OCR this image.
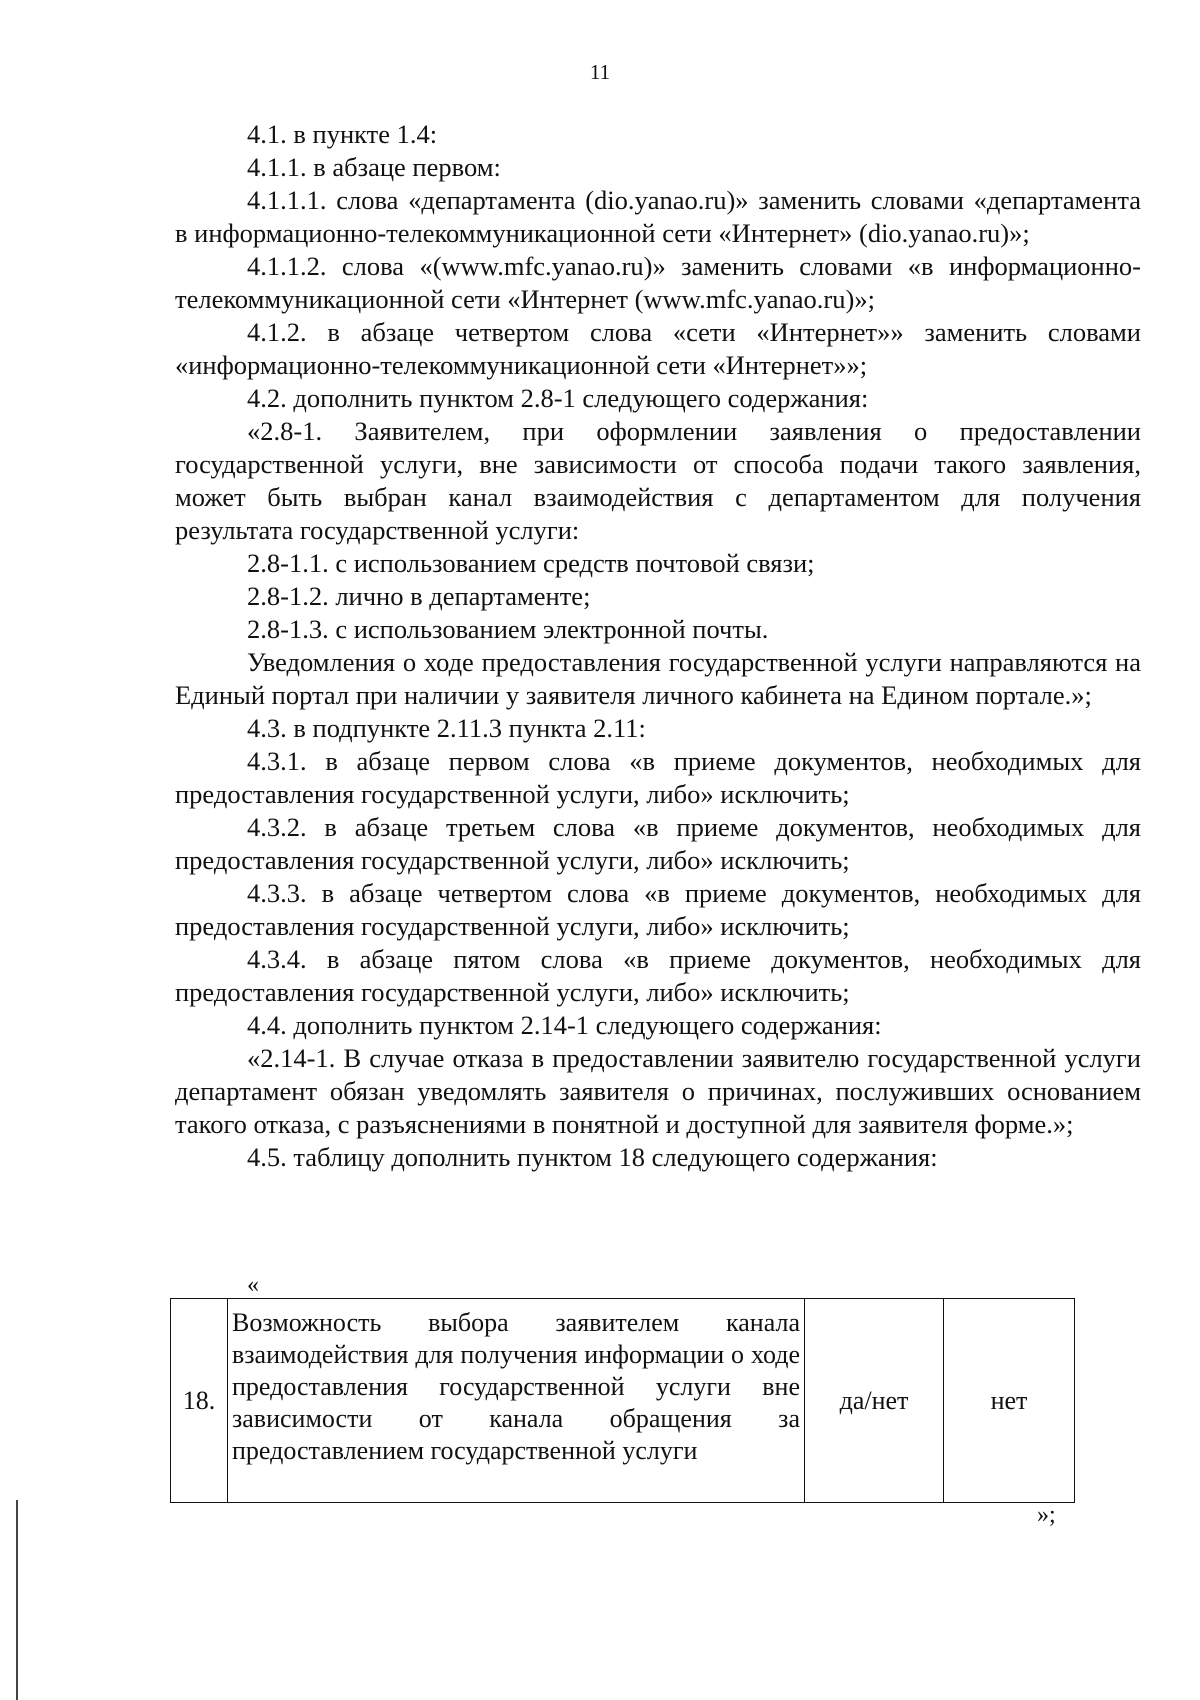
11

4.1. в пункте 1.4:

4.1.1. в абзаце первом:

4.1.1.1. слова «департамента (dio.yanao.ru)» заменить словами «департамента в информационно-телекоммуникационной сети «Интернет» (dio.yanao.ru)»;

4.1.1.2. слова «(www.mfc.yanao.ru)» заменить словами «в информационно-телекоммуникационной сети «Интернет (www.mfc.yanao.ru)»;

4.1.2. в абзаце четвертом слова «сети «Интернет»» заменить словами «информационно-телекоммуникационной сети «Интернет»»;

4.2. дополнить пунктом 2.8-1 следующего содержания:

«2.8-1. Заявителем, при оформлении заявления о предоставлении государственной услуги, вне зависимости от способа подачи такого заявления, может быть выбран канал взаимодействия с департаментом для получения результата государственной услуги:

2.8-1.1. с использованием средств почтовой связи;

2.8-1.2. лично в департаменте;

2.8-1.3. с использованием электронной почты.

Уведомления о ходе предоставления государственной услуги направляются на Единый портал при наличии у заявителя личного кабинета на Едином портале.»;

4.3. в подпункте 2.11.3 пункта 2.11:

4.3.1. в абзаце первом слова «в приеме документов, необходимых для предоставления государственной услуги, либо» исключить;

4.3.2. в абзаце третьем слова «в приеме документов, необходимых для предоставления государственной услуги, либо» исключить;

4.3.3. в абзаце четвертом слова «в приеме документов, необходимых для предоставления государственной услуги, либо» исключить;

4.3.4. в абзаце пятом слова «в приеме документов, необходимых для предоставления государственной услуги, либо» исключить;

4.4. дополнить пунктом 2.14-1 следующего содержания:

«2.14-1. В случае отказа в предоставлении заявителю государственной услуги департамент обязан уведомлять заявителя о причинах, послуживших основанием такого отказа, с разъяснениями в понятной и доступной для заявителя форме.»;

4.5. таблицу дополнить пунктом 18 следующего содержания:

«
18.	Возможность выбора заявителем канала взаимодействия для получения информации о ходе предоставления государственной услуги вне зависимости от канала обращения за предоставлением государственной услуги	да/нет	нет
»;
